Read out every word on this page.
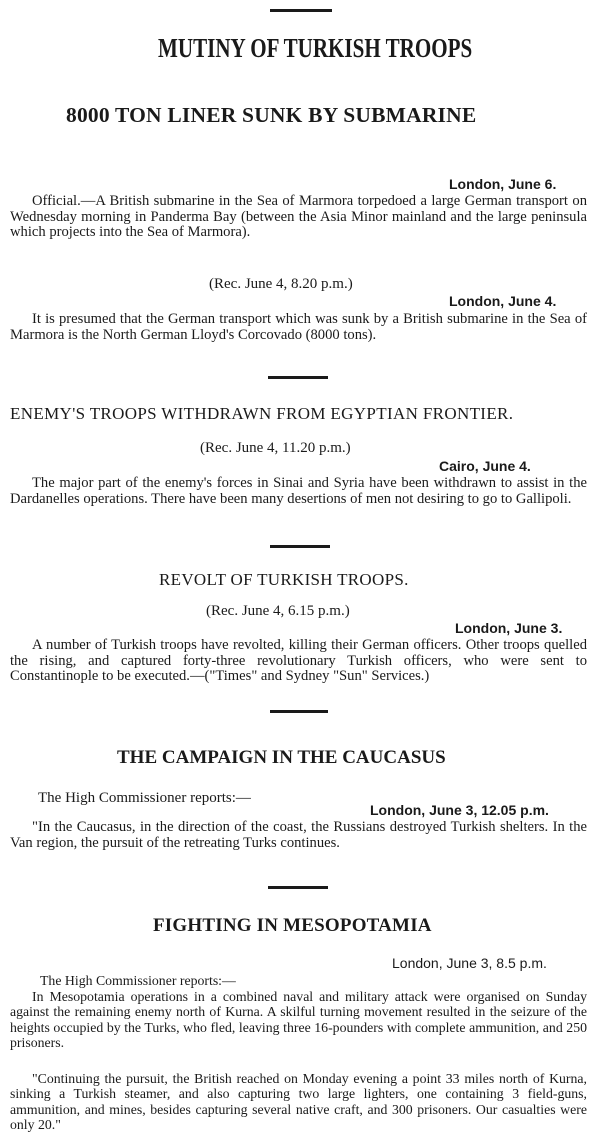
MUTINY OF TURKISH TROOPS
8000 TON LINER SUNK BY SUBMARINE
London, June 6.
Official.—A British submarine in the Sea of Marmora torpedoed a large German transport on Wednesday morning in Panderma Bay (between the Asia Minor mainland and the large peninsula which projects into the Sea of Marmora).
(Rec. June 4, 8.20 p.m.)
London, June 4.
It is presumed that the German transport which was sunk by a British submarine in the Sea of Marmora is the North German Lloyd's Corcovado (8000 tons).
ENEMY'S TROOPS WITHDRAWN FROM EGYPTIAN FRONTIER.
(Rec. June 4, 11.20 p.m.)
Cairo, June 4.
The major part of the enemy's forces in Sinai and Syria have been withdrawn to assist in the Dardanelles operations. There have been many desertions of men not desiring to go to Gallipoli.
REVOLT OF TURKISH TROOPS.
(Rec. June 4, 6.15 p.m.)
London, June 3.
A number of Turkish troops have revolted, killing their German officers. Other troops quelled the rising, and captured forty-three revolutionary Turkish officers, who were sent to Constantinople to be executed.—("Times" and Sydney "Sun" Services.)
THE CAMPAIGN IN THE CAUCASUS
The High Commissioner reports:—
London, June 3, 12.05 p.m.
"In the Caucasus, in the direction of the coast, the Russians destroyed Turkish shelters. In the Van region, the pursuit of the retreating Turks continues.
FIGHTING IN MESOPOTAMIA
London, June 3, 8.5 p.m.
The High Commissioner reports:—
In Mesopotamia operations in a combined naval and military attack were organised on Sunday against the remaining enemy north of Kurna. A skilful turning movement resulted in the seizure of the heights occupied by the Turks, who fled, leaving three 16-pounders with complete ammunition, and 250 prisoners.
"Continuing the pursuit, the British reached on Monday evening a point 33 miles north of Kurna, sinking a Turkish steamer, and also capturing two large lighters, one containing 3 field-guns, ammunition, and mines, besides capturing several native craft, and 300 prisoners. Our casualties were only 20."
